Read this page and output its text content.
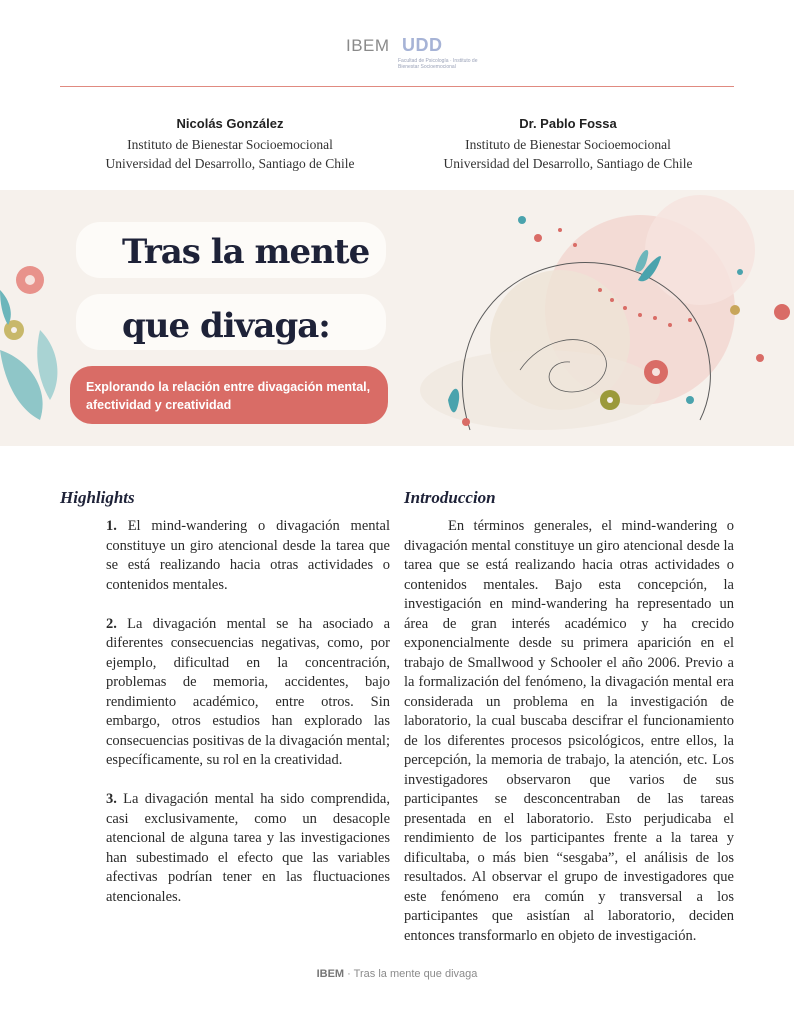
IBEM UDD
Facultad de Psicología · Instituto de Bienestar Socioemocional
Nicolás González
Instituto de Bienestar Socioemocional
Universidad del Desarrollo, Santiago de Chile
Dr. Pablo Fossa
Instituto de Bienestar Socioemocional
Universidad del Desarrollo, Santiago de Chile
Tras la mente
que divaga:
Explorando la relación entre divagación mental, afectividad y creatividad
Highlights

1. El mind-wandering o divagación mental constituye un giro atencional desde la tarea que se está realizando hacia otras actividades o contenidos mentales.

2. La divagación mental se ha asociado a diferentes consecuencias negativas, como, por ejemplo, dificultad en la concentración, problemas de memoria, accidentes, bajo rendimiento académico, entre otros. Sin embargo, otros estudios han explorado las consecuencias positivas de la divagación mental; específicamente, su rol en la creatividad.

3. La divagación mental ha sido comprendida, casi exclusivamente, como un desacople atencional de alguna tarea y las investigaciones han subestimado el efecto que las variables afectivas podrían tener en las fluctuaciones atencionales.

Introduccion

En términos generales, el mind-wandering o divagación mental constituye un giro atencional desde la tarea que se está realizando hacia otras actividades o contenidos mentales. Bajo esta concepción, la investigación en mind-wandering ha representado un área de gran interés académico y ha crecido exponencialmente desde su primera aparición en el trabajo de Smallwood y Schooler el año 2006. Previo a la formalización del fenómeno, la divagación mental era considerada un problema en la investigación de laboratorio, la cual buscaba descifrar el funcionamiento de los diferentes procesos psicológicos, entre ellos, la percepción, la memoria de trabajo, la atención, etc. Los investigadores observaron que varios de sus participantes se desconcentraban de las tareas presentada en el laboratorio. Esto perjudicaba el rendimiento de los participantes frente a la tarea y dificultaba, o más bien “sesgaba”, el análisis de los resultados. Al observar el grupo de investigadores que este fenómeno era común y transversal a los participantes que asistían al laboratorio, deciden entonces transformarlo en objeto de investigación.

IBEM · Tras la mente que divaga
